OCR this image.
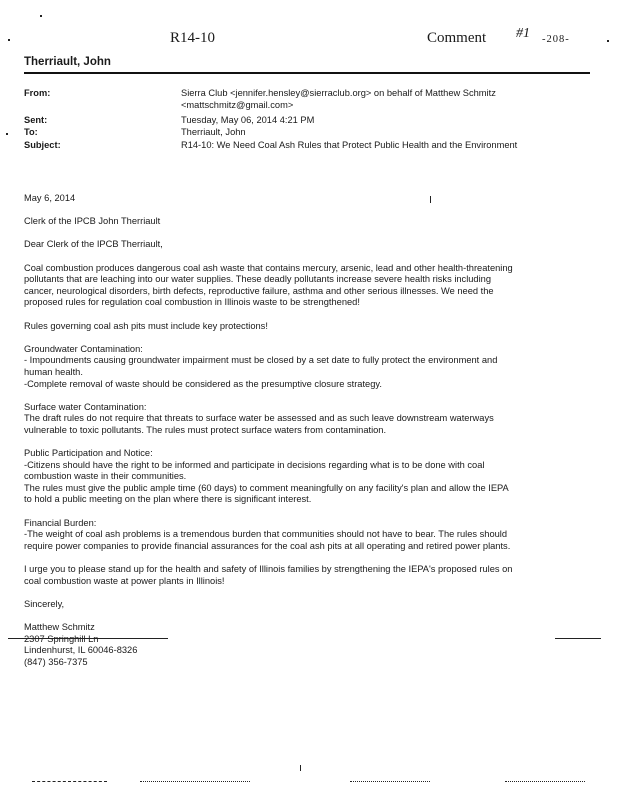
R14-10	Comment #1 -208-
Therriault, John
From:	Sierra Club <jennifer.hensley@sierraclub.org> on behalf of Matthew Schmitz
<mattschmitz@gmail.com>
Sent:	Tuesday, May 06, 2014 4:21 PM
To:	Therriault, John
Subject:	R14-10: We Need Coal Ash Rules that Protect Public Health and the Environment

May 6, 2014

Clerk of the IPCB John Therriault

Dear Clerk of the IPCB Therriault,

Coal combustion produces dangerous coal ash waste that contains mercury, arsenic, lead and other health-threatening
pollutants that are leaching into our water supplies. These deadly pollutants increase severe health risks including
cancer, neurological disorders, birth defects, reproductive failure, asthma and other serious illnesses. We need the
proposed rules for regulation coal combustion in Illinois waste to be strengthened!

Rules governing coal ash pits must include key protections!

Groundwater Contamination:
- Impoundments causing groundwater impairment must be closed by a set date to fully protect the environment and
human health.
-Complete removal of waste should be considered as the presumptive closure strategy.

Surface water Contamination:
The draft rules do not require that threats to surface water be assessed and as such leave downstream waterways
vulnerable to toxic pollutants. The rules must protect surface waters from contamination.

Public Participation and Notice:
-Citizens should have the right to be informed and participate in decisions regarding what is to be done with coal
combustion waste in their communities.
The rules must give the public ample time (60 days) to comment meaningfully on any facility's plan and allow the IEPA
to hold a public meeting on the plan where there is significant interest.

Financial Burden:
-The weight of coal ash problems is a tremendous burden that communities should not have to bear. The rules should
require power companies to provide financial assurances for the coal ash pits at all operating and retired power plants.

I urge you to please stand up for the health and safety of Illinois families by strengthening the IEPA's proposed rules on
coal combustion waste at power plants in Illinois!

Sincerely,

Matthew Schmitz
2307 Springhill Ln
Lindenhurst, IL 60046-8326
(847) 356-7375
